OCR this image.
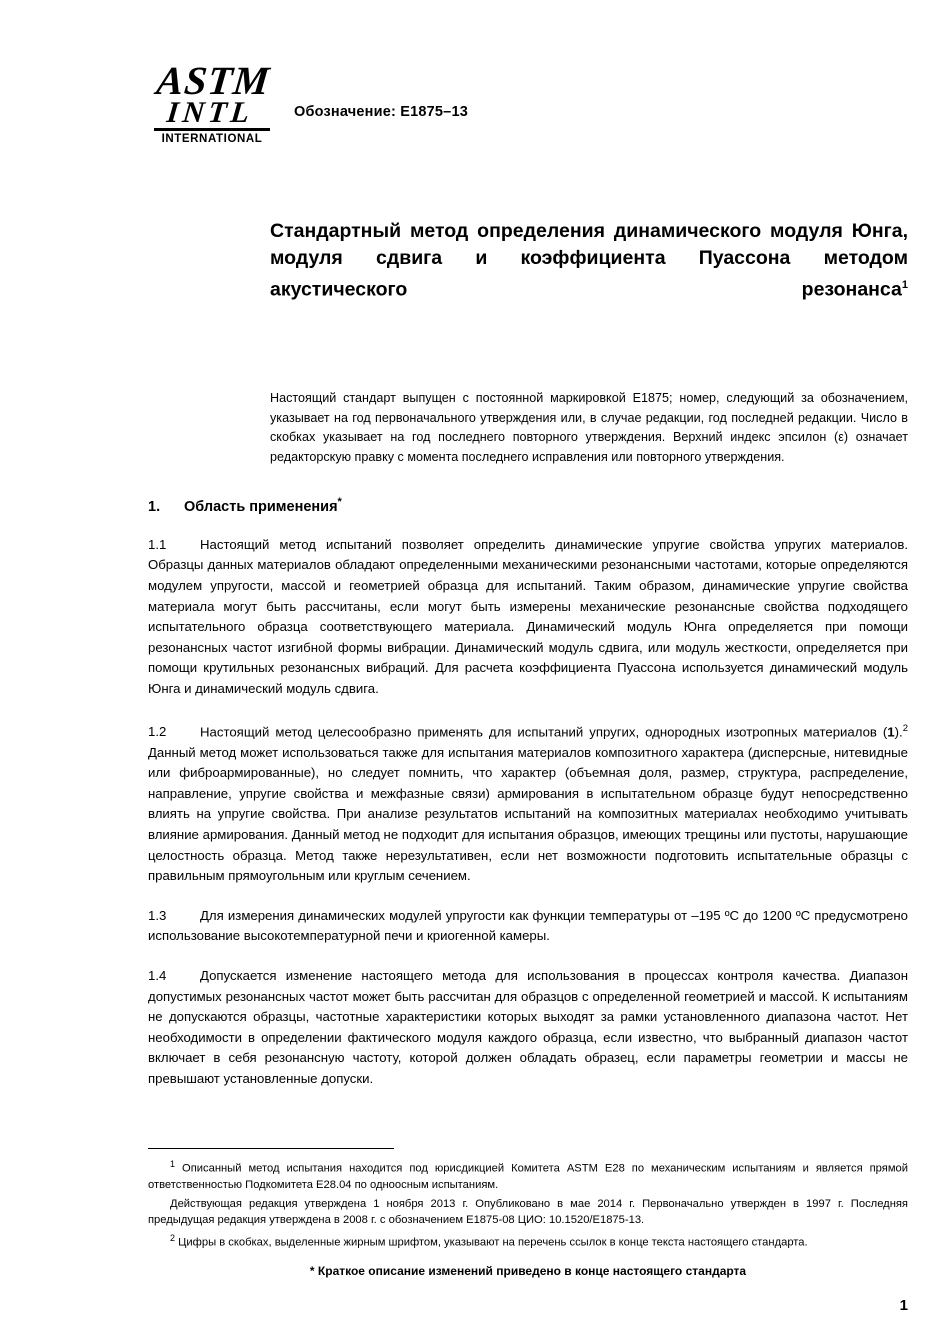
ASTM
INTL
INTERNATIONAL
Обозначение: E1875–13
Стандартный метод определения динамического модуля Юнга, модуля сдвига и коэффициента Пуассона методом акустического резонанса$^1$
Настоящий стандарт выпущен с постоянной маркировкой E1875; номер, следующий за обозначением, указывает на год первоначального утверждения или, в случае редакции, год последней редакции. Число в скобках указывает на год последнего повторного утверждения. Верхний индекс эпсилон (ε) означает редакторскую правку с момента последнего исправления или повторного утверждения.
1. Область применения*

1.1	Настоящий метод испытаний позволяет определить динамические упругие свойства упругих материалов. Образцы данных материалов обладают определенными механическими резонансными частотами, которые определяются модулем упругости, массой и геометрией образца для испытаний. Таким образом, динамические упругие свойства материала могут быть рассчитаны, если могут быть измерены механические резонансные свойства подходящего испытательного образца соответствующего материала. Динамический модуль Юнга определяется при помощи резонансных частот изгибной формы вибрации. Динамический модуль сдвига, или модуль жесткости, определяется при помощи крутильных резонансных вибраций. Для расчета коэффициента Пуассона используется динамический модуль Юнга и динамический модуль сдвига.

1.2	Настоящий метод целесообразно применять для испытаний упругих, однородных изотропных материалов (1).$^2$ Данный метод может использоваться также для испытания материалов композитного характера (дисперсные, нитевидные или фиброармированные), но следует помнить, что характер (объемная доля, размер, структура, распределение, направление, упругие свойства и межфазные связи) армирования в испытательном образце будут непосредственно влиять на упругие свойства. При анализе результатов испытаний на композитных материалах необходимо учитывать влияние армирования. Данный метод не подходит для испытания образцов, имеющих трещины или пустоты, нарушающие целостность образца. Метод также нерезультативен, если нет возможности подготовить испытательные образцы с правильным прямоугольным или круглым сечением.

1.3	Для измерения динамических модулей упругости как функции температуры от –195 ºC до 1200 ºC предусмотрено использование высокотемпературной печи и криогенной камеры.

1.4	Допускается изменение настоящего метода для использования в процессах контроля качества. Диапазон допустимых резонансных частот может быть рассчитан для образцов с определенной геометрией и массой. К испытаниям не допускаются образцы, частотные характеристики которых выходят за рамки установленного диапазона частот. Нет необходимости в определении фактического модуля каждого образца, если известно, что выбранный диапазон частот включает в себя резонансную частоту, которой должен обладать образец, если параметры геометрии и массы не превышают установленные допуски.

$^1$ Описанный метод испытания находится под юрисдикцией Комитета ASTM E28 по механическим испытаниям и является прямой ответственностью Подкомитета E28.04 по одноосным испытаниям.

Действующая редакция утверждена 1 ноября 2013 г. Опубликовано в мае 2014 г. Первоначально утвержден в 1997 г. Последняя предыдущая редакция утверждена в 2008 г. с обозначением E1875-08 ЦИО: 10.1520/E1875-13.

$^2$ Цифры в скобках, выделенные жирным шрифтом, указывают на перечень ссылок в конце текста настоящего стандарта.

* Краткое описание изменений приведено в конце настоящего стандарта

1
